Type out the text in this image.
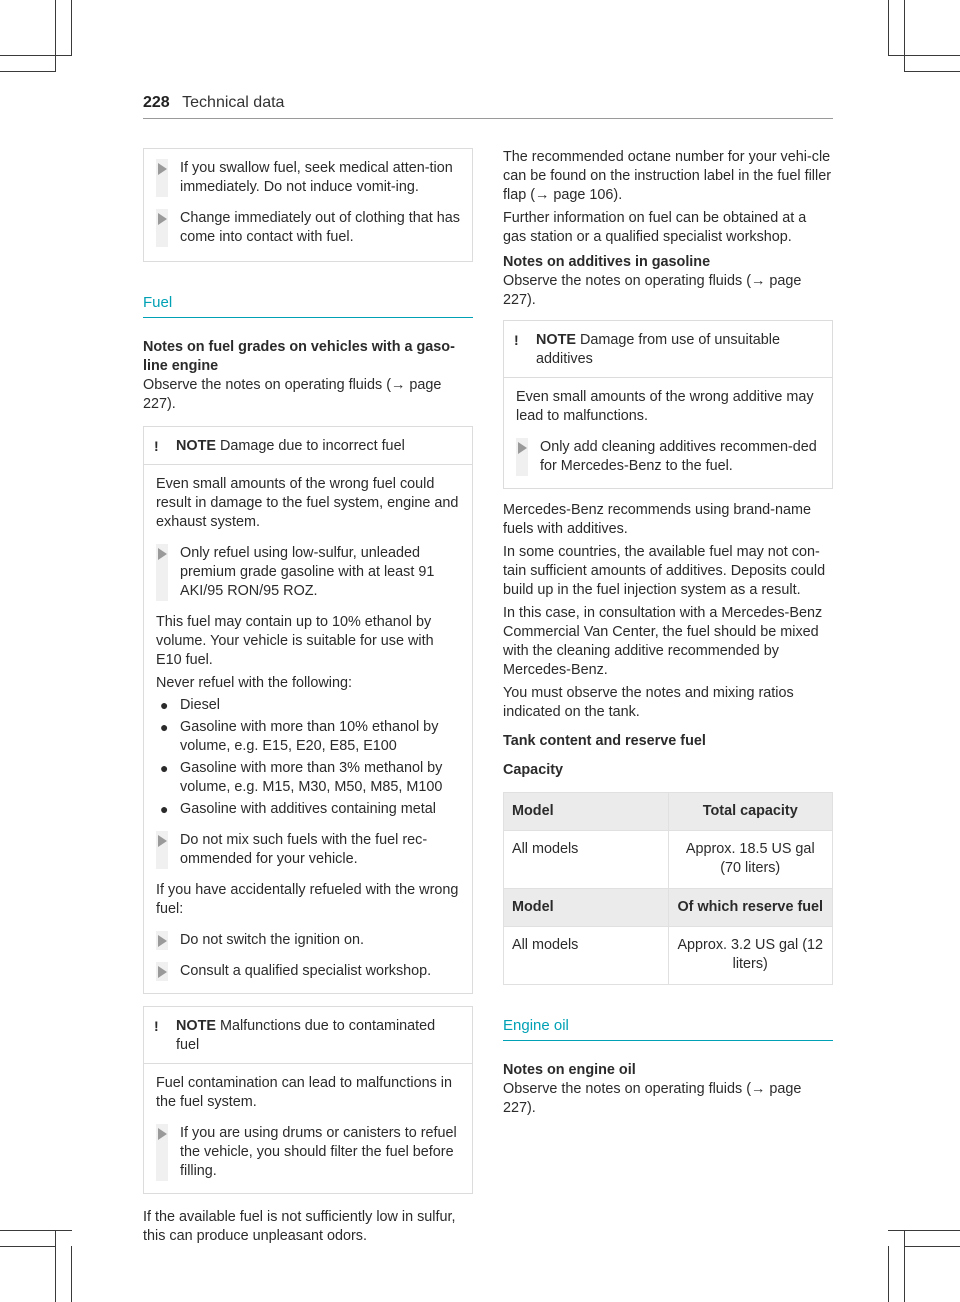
228 Technical data

If you swallow fuel, seek medical atten-tion immediately. Do not induce vomit-ing.

Change immediately out of clothing that has come into contact with fuel.

Fuel
Notes on fuel grades on vehicles with a gaso-line engine

Observe the notes on operating fluids (→ page 227).

!	NOTE Damage due to incorrect fuel

Even small amounts of the wrong fuel could result in damage to the fuel system, engine and exhaust system.

Only refuel using low-sulfur, unleaded premium grade gasoline with at least 91 AKI/95 RON/95 ROZ.

This fuel may contain up to 10% ethanol by volume. Your vehicle is suitable for use with E10 fuel.

Never refuel with the following:

● Diesel

● Gasoline with more than 10% ethanol by volume, e.g. E15, E20, E85, E100

● Gasoline with more than 3% methanol by volume, e.g. M15, M30, M50, M85, M100

● Gasoline with additives containing metal

Do not mix such fuels with the fuel rec-ommended for your vehicle.

If you have accidentally refueled with the wrong fuel:

Do not switch the ignition on.

Consult a qualified specialist workshop.

!	NOTE Malfunctions due to contaminated fuel

Fuel contamination can lead to malfunctions in the fuel system.

If you are using drums or canisters to refuel the vehicle, you should filter the fuel before filling.

If the available fuel is not sufficiently low in sulfur, this can produce unpleasant odors.

The recommended octane number for your vehi-cle can be found on the instruction label in the fuel filler flap (→ page 106).

Further information on fuel can be obtained at a gas station or a qualified specialist workshop.

Notes on additives in gasoline

Observe the notes on operating fluids (→ page 227).

!	NOTE Damage from use of unsuitable additives

Even small amounts of the wrong additive may lead to malfunctions.

Only add cleaning additives recommen-ded for Mercedes-Benz to the fuel.

Mercedes-Benz recommends using brand-name fuels with additives.

In some countries, the available fuel may not con-tain sufficient amounts of additives. Deposits could build up in the fuel injection system as a result.

In this case, in consultation with a Mercedes-Benz Commercial Van Center, the fuel should be mixed with the cleaning additive recommended by Mercedes-Benz.

You must observe the notes and mixing ratios indicated on the tank.

Tank content and reserve fuel
Capacity
Model	Total capacity
All models	Approx. 18.5 US gal (70 liters)
Model	Of which reserve fuel
All models	Approx. 3.2 US gal (12 liters)
Engine oil
Notes on engine oil

Observe the notes on operating fluids (→ page 227).
